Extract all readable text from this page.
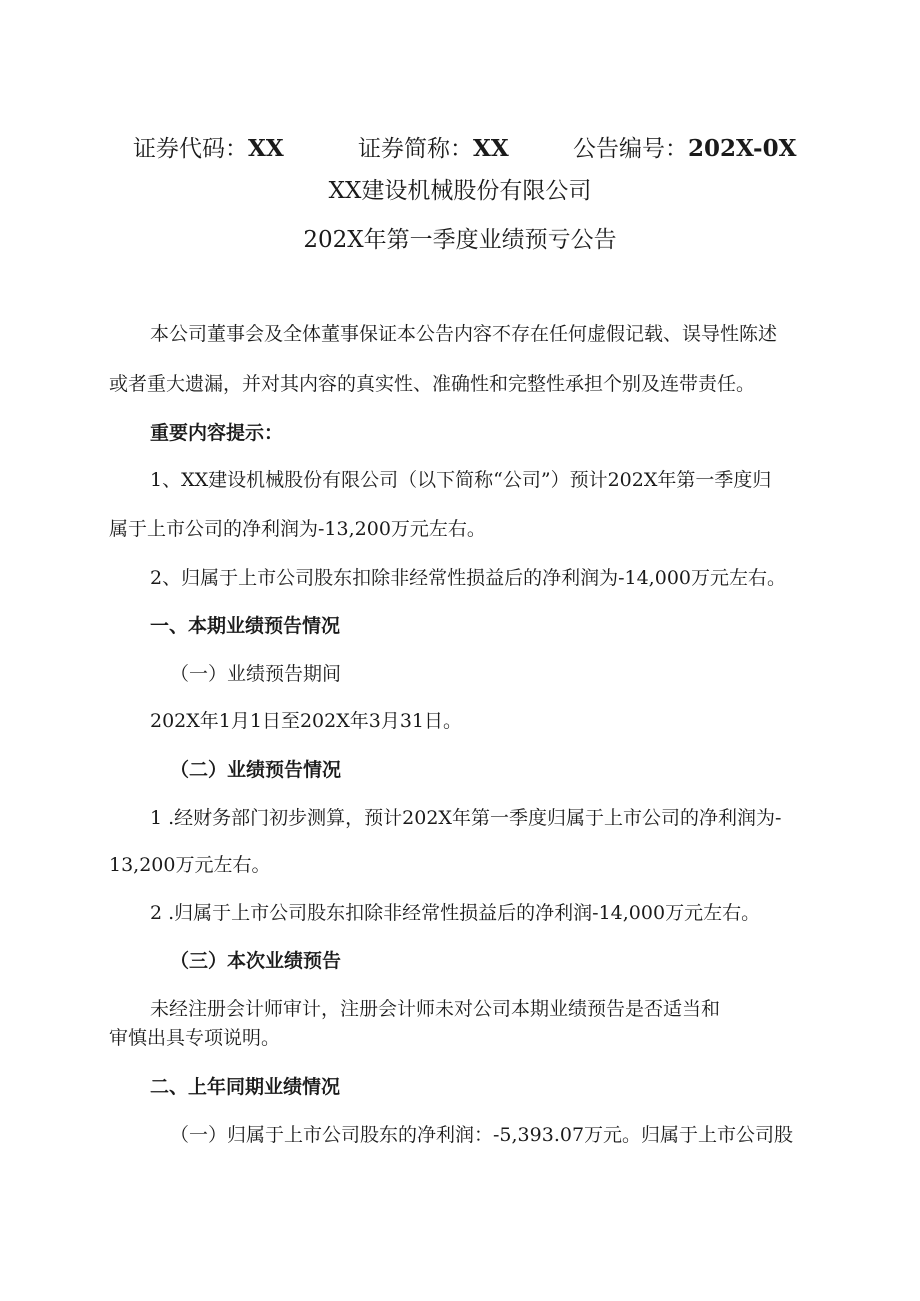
证券代码：XX	证券简称：XX	公告编号：202X-0X
XX建设机械股份有限公司
202X年第一季度业绩预亏公告
本公司董事会及全体董事保证本公告内容不存在任何虚假记载、误导性陈述
或者重大遗漏，并对其内容的真实性、准确性和完整性承担个别及连带责任。
重要内容提示：
1、XX建设机械股份有限公司（以下简称“公司”）预计202X年第一季度归
属于上市公司的净利润为-13,200万元左右。
2、归属于上市公司股东扣除非经常性损益后的净利润为-14,000万元左右。
一、本期业绩预告情况
（一）业绩预告期间
202X年1月1日至202X年3月31日。
（二）业绩预告情况
1 .经财务部门初步测算，预计202X年第一季度归属于上市公司的净利润为-
13,200万元左右。
2 .归属于上市公司股东扣除非经常性损益后的净利润-14,000万元左右。
（三）本次业绩预告
未经注册会计师审计，注册会计师未对公司本期业绩预告是否适当和
审慎出具专项说明。
二、上年同期业绩情况
（一）归属于上市公司股东的净利润：-5,393.07万元。归属于上市公司股
